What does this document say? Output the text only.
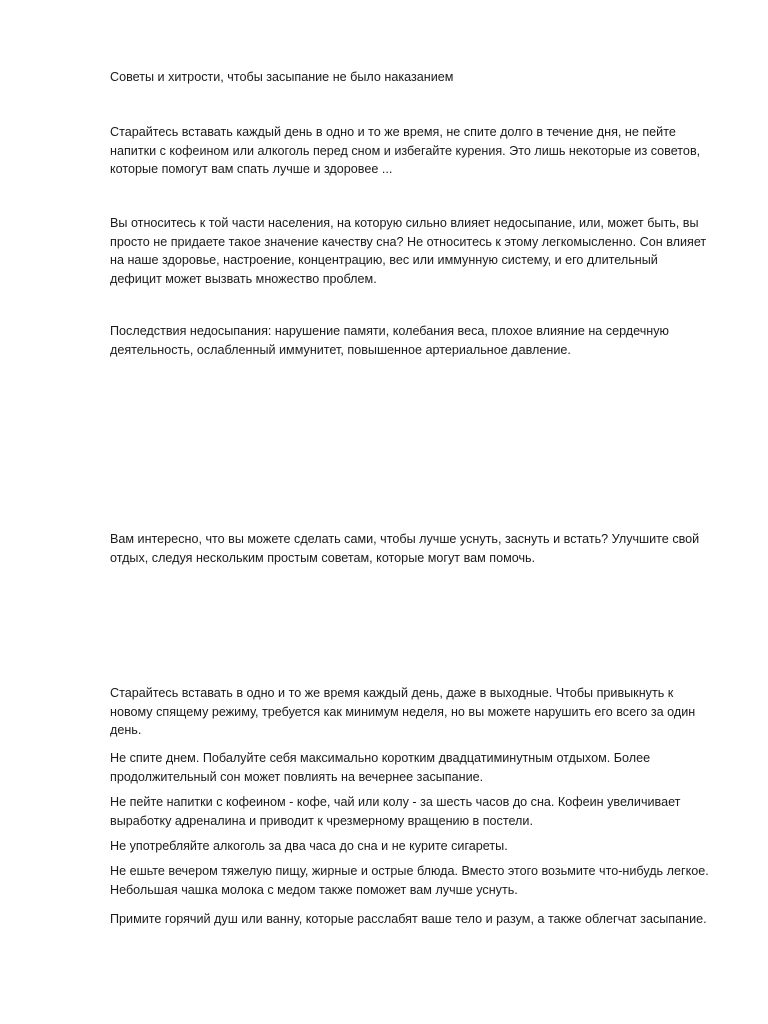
Советы и хитрости, чтобы засыпание не было наказанием

Старайтесь вставать каждый день в одно и то же время, не спите долго в течение дня, не пейте напитки с кофеином или алкоголь перед сном и избегайте курения. Это лишь некоторые из советов, которые помогут вам спать лучше и здоровее ...

Вы относитесь к той части населения, на которую сильно влияет недосыпание, или, может быть, вы просто не придаете такое значение качеству сна? Не относитесь к этому легкомысленно. Сон влияет на наше здоровье, настроение, концентрацию, вес или иммунную систему, и его длительный дефицит может вызвать множество проблем.

Последствия недосыпания: нарушение памяти, колебания веса, плохое влияние на сердечную деятельность, ослабленный иммунитет, повышенное артериальное давление.

Вам интересно, что вы можете сделать сами, чтобы лучше уснуть, заснуть и встать? Улучшите свой отдых, следуя нескольким простым советам, которые могут вам помочь.

Старайтесь вставать в одно и то же время каждый день, даже в выходные. Чтобы привыкнуть к новому спящему режиму, требуется как минимум неделя, но вы можете нарушить его всего за один день.

Не спите днем. Побалуйте себя максимально коротким двадцатиминутным отдыхом. Более продолжительный сон может повлиять на вечернее засыпание.

Не пейте напитки с кофеином - кофе, чай или колу - за шесть часов до сна. Кофеин увеличивает выработку адреналина и приводит к чрезмерному вращению в постели.

Не употребляйте алкоголь за два часа до сна и не курите сигареты.

Не ешьте вечером тяжелую пищу, жирные и острые блюда. Вместо этого возьмите что-нибудь легкое. Небольшая чашка молока с медом также поможет вам лучше уснуть.

Примите горячий душ или ванну, которые расслабят ваше тело и разум, а также облегчат засыпание.
